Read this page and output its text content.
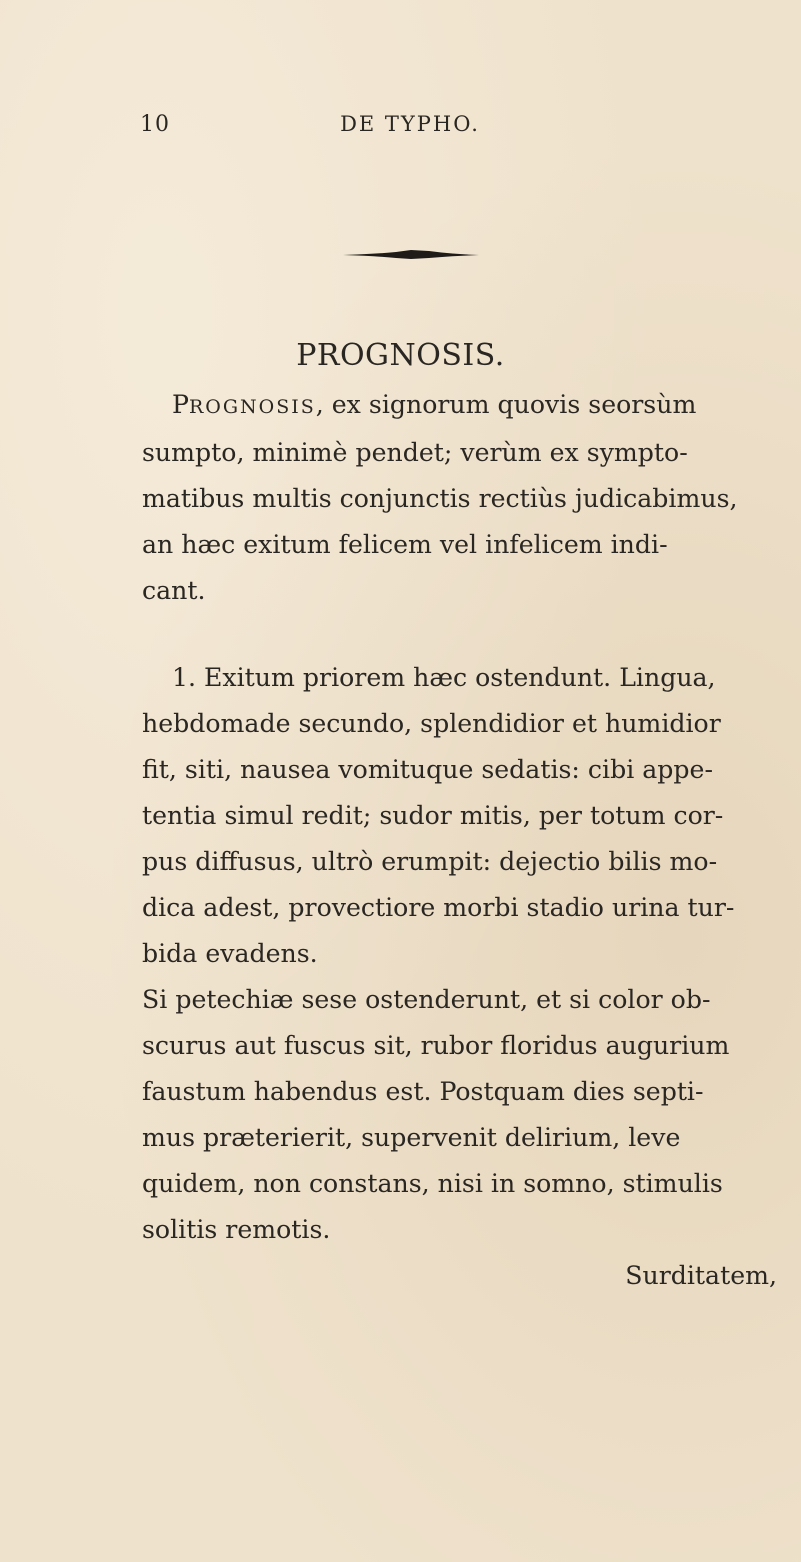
10	DE TYPHO.
PROGNOSIS.

PROGNOSIS, ex signorum quovis seorsùm
sumpto, minimè pendet; verùm ex sympto-
matibus multis conjunctis rectiùs judicabimus,
an hæc exitum felicem vel infelicem indi-
cant.

1. Exitum priorem hæc ostendunt. Lingua,
hebdomade secundo, splendidior et humidior
fit, siti, nausea vomituque sedatis: cibi appe-
tentia simul redit; sudor mitis, per totum cor-
pus diffusus, ultrò erumpit: dejectio bilis mo-
dica adest, provectiore morbi stadio urina tur-
bida evadens.

Si petechiæ sese ostenderunt, et si color ob-
scurus aut fuscus sit, rubor floridus augurium
faustum habendus est. Postquam dies septi-
mus præterierit, supervenit delirium, leve
quidem, non constans, nisi in somno, stimulis
solitis remotis.

Surditatem,
